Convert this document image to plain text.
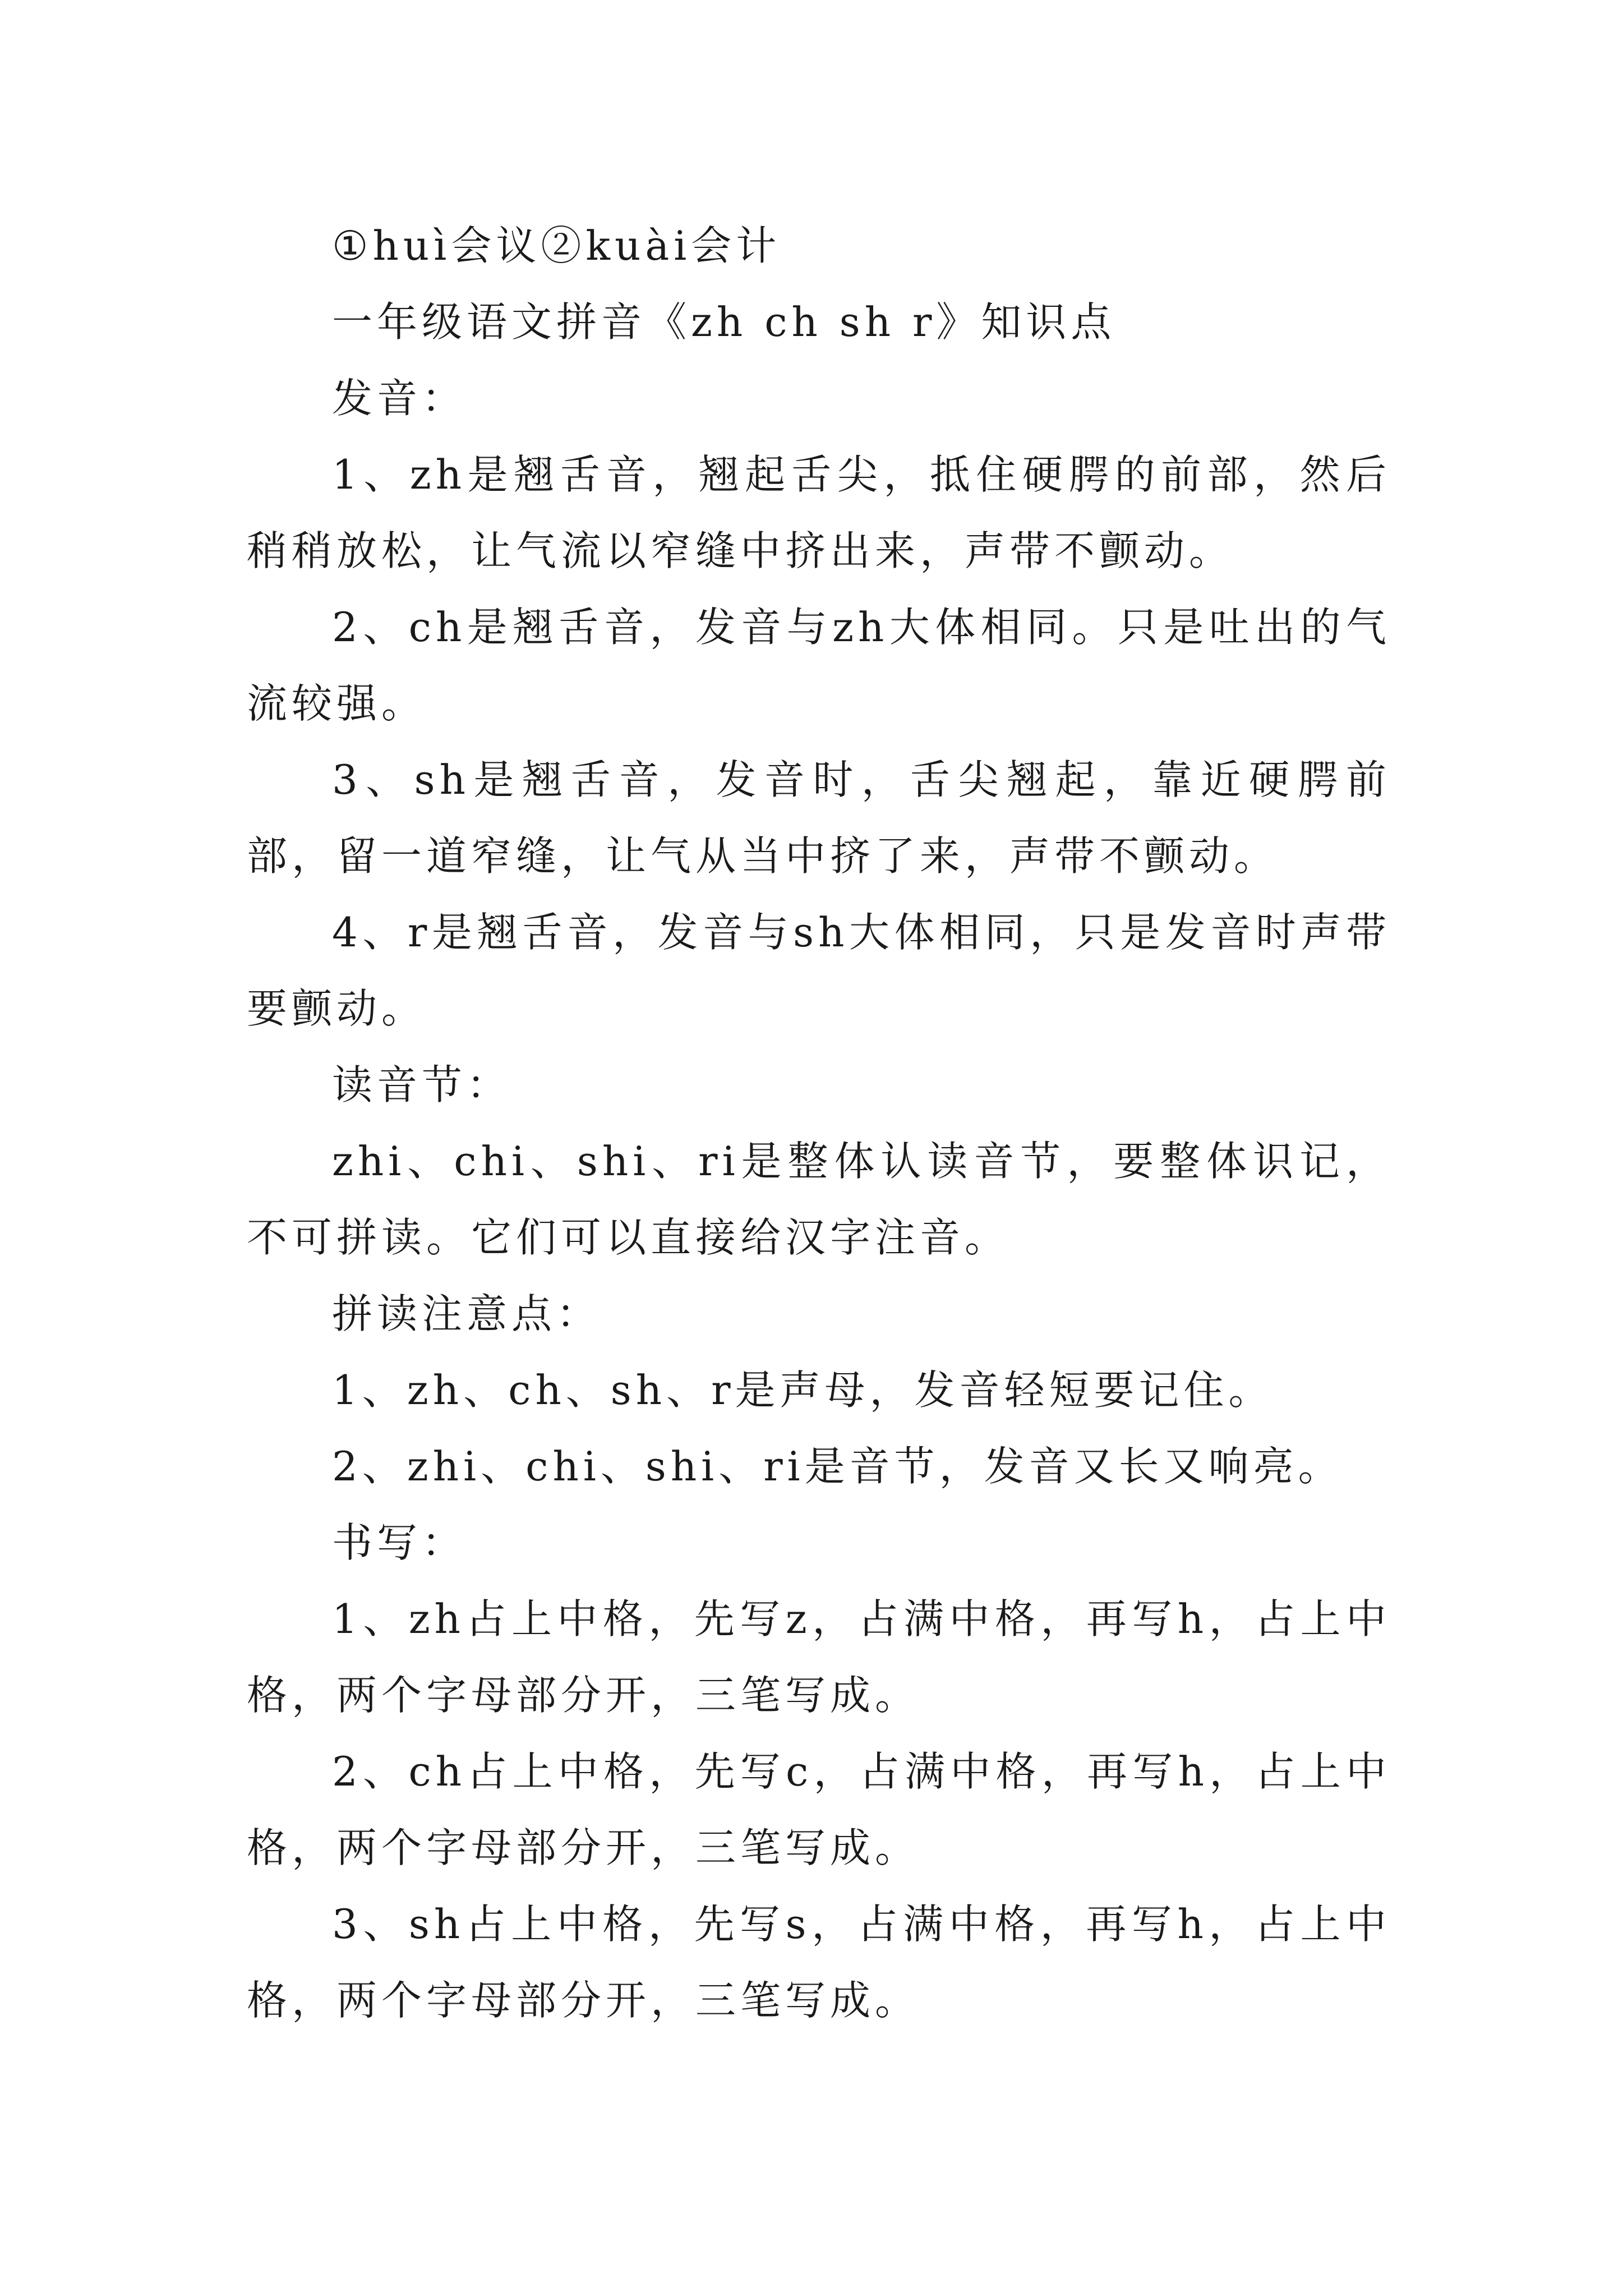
①huì会议②kuài会计

一年级语文拼音《zh ch sh r》知识点

发音：

1、zh是翘舌音，翘起舌尖，抵住硬腭的前部，然后稍稍放松，让气流以窄缝中挤出来，声带不颤动。

2、ch是翘舌音，发音与zh大体相同。只是吐出的气流较强。

3、sh是翘舌音，发音时，舌尖翘起，靠近硬腭前部，留一道窄缝，让气从当中挤了来，声带不颤动。

4、r是翘舌音，发音与sh大体相同，只是发音时声带要颤动。

读音节：

zhi、chi、shi、ri是整体认读音节，要整体识记，不可拼读。它们可以直接给汉字注音。

拼读注意点：

1、zh、ch、sh、r是声母，发音轻短要记住。

2、zhi、chi、shi、ri是音节，发音又长又响亮。

书写：

1、zh占上中格，先写z，占满中格，再写h，占上中格，两个字母部分开，三笔写成。

2、ch占上中格，先写c，占满中格，再写h，占上中格，两个字母部分开，三笔写成。

3、sh占上中格，先写s，占满中格，再写h，占上中格，两个字母部分开，三笔写成。
